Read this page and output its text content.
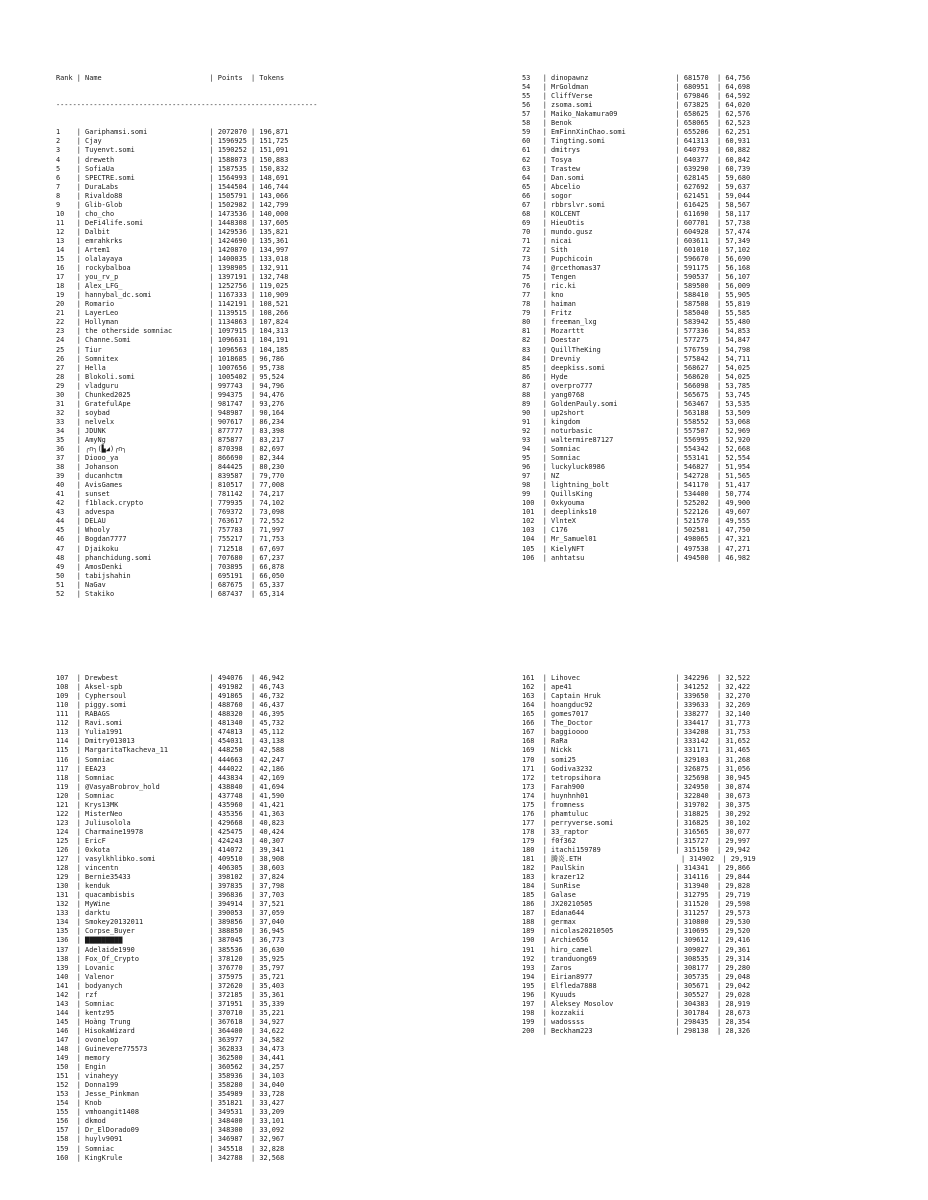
Rank | Name                          | Points  | Tokens

---------------------------------------------------------------

1    | Gariphamsi.somi               | 2072070 | 196,871
2    | Cjay                          | 1596925 | 151,725
3    | Tuyenvt.somi                  | 1590252 | 151,091
4    | dreweth                       | 1588073 | 150,883
5    | SofiaUa                       | 1587535 | 150,832
6    | SPECTRE.somi                  | 1564993 | 148,691
7    | DuraLabs                      | 1544504 | 146,744
8    | Rivaldo88                     | 1505791 | 143,066
9    | Glib-Glob                     | 1502982 | 142,799
10   | cho_cho                       | 1473536 | 140,000
11   | DeFi4life.somi                | 1448308 | 137,605
12   | Dalbit                        | 1429536 | 135,821
13   | emrahkrks                     | 1424690 | 135,361
14   | Artem1                        | 1420870 | 134,997
15   | olalayaya                     | 1400035 | 133,018
16   | rockybalboa                   | 1398905 | 132,911
17   | you_rv_p                      | 1397191 | 132,748
18   | Alex_LFG_                     | 1252756 | 119,025
19   | hannybal_dc.somi              | 1167333 | 110,909
20   | Romario                       | 1142191 | 108,521
21   | LayerLeo                      | 1139515 | 108,266
22   | Hollyman                      | 1134863 | 107,824
23   | the otherside somniac         | 1097915 | 104,313
24   | Channe.Somi                   | 1096631 | 104,191
25   | Tiur                          | 1096563 | 104,185
26   | Somnitex                      | 1018685 | 96,786
27   | Hella                         | 1007656 | 95,738
28   | Blokoli.somi                  | 1005402 | 95,524
29   | vladguru                      | 997743  | 94,796
30   | Chunked2025                   | 994375  | 94,476
31   | GratefulApe                   | 981747  | 93,276
32   | soybad                        | 948987  | 90,164
33   | nelvelx                       | 907617  | 86,234
34   | JDUNK                         | 877777  | 83,398
35   | AmyNg                         | 875877  | 83,217
36   | ╭∩╮(▙◢)╭∩╮                    | 870398  | 82,697
37   | Diooo_ya                      | 866690  | 82,344
38   | Johanson                      | 844425  | 80,230
39   | ducanhctm                     | 839587  | 79,770
40   | AvisGames                     | 810517  | 77,008
41   | sunset                        | 781142  | 74,217
42   | f1black.crypto                | 779935  | 74,102
43   | advespa                       | 769372  | 73,098
44   | DELAU                         | 763617  | 72,552
45   | Whooly                        | 757783  | 71,997
46   | Bogdan7777                    | 755217  | 71,753
47   | Djaikoku                      | 712518  | 67,697
48   | phanchidung.somi              | 707680  | 67,237
49   | AmosDenki                     | 703895  | 66,878
50   | tabijshahin                   | 695191  | 66,050
51   | NaGav                         | 687675  | 65,337
52   | Stakiko                       | 687437  | 65,314

53   | dinopawnz                     | 681570  | 64,756
54   | MrGoldman                     | 680951  | 64,698
55   | CliffVerse                    | 679846  | 64,592
56   | zsoma.somi                    | 673825  | 64,020
57   | Maiko_Nakamura09              | 658625  | 62,576
58   | Benok                         | 658065  | 62,523
59   | EmFinnXinChao.somi            | 655206  | 62,251
60   | Tingting.somi                 | 641313  | 60,931
61   | dmitrys                       | 640793  | 60,882
62   | Tosya                         | 640377  | 60,842
63   | Trastew                       | 639290  | 60,739
64   | Dan.somi                      | 628145  | 59,680
65   | Abcelio                       | 627692  | 59,637
66   | sogor                         | 621451  | 59,044
67   | rbbrslvr.somi                 | 616425  | 58,567
68   | KOLCENT                       | 611690  | 58,117
69   | HieuOtis                      | 607701  | 57,738
70   | mundo.gusz                    | 604928  | 57,474
71   | nicai                         | 603611  | 57,349
72   | Sith                          | 601010  | 57,102
73   | Pupchicoin                    | 596670  | 56,690
74   | @rcethomas37                  | 591175  | 56,168
75   | Tengen                        | 590537  | 56,107
76   | ric.ki                        | 589500  | 56,009
77   | kno                           | 588410  | 55,905
78   | haiman                        | 587508  | 55,819
79   | Fritz                         | 585040  | 55,585
80   | freeman_lxg                   | 583942  | 55,480
81   | Mozarttt                      | 577336  | 54,853
82   | Doestar                       | 577275  | 54,847
83   | QuillTheKing                  | 576759  | 54,798
84   | Drevniy                       | 575842  | 54,711
85   | deepkiss.somi                 | 568627  | 54,025
86   | Hyde                          | 568620  | 54,025
87   | overpro777                    | 566098  | 53,785
88   | yang0768                      | 565675  | 53,745
89   | GoldenPauly.somi              | 563467  | 53,535
90   | up2short                      | 563188  | 53,509
91   | kingdom                       | 558552  | 53,068
92   | noturbasic                    | 557507  | 52,969
93   | waltermire87127               | 556995  | 52,920
94   | Somniac                       | 554342  | 52,668
95   | Somniac                       | 553141  | 52,554
96   | luckyluck0986                 | 546827  | 51,954
97   | NZ                            | 542728  | 51,565
98   | lightning_bolt                | 541170  | 51,417
99   | QuillsKing                    | 534400  | 50,774
100  | 0xkyouma                      | 525202  | 49,900
101  | deeplinks10                   | 522126  | 49,607
102  | VlnteX                        | 521570  | 49,555
103  | C176                          | 502581  | 47,750
104  | Mr_Samuel01                   | 498065  | 47,321
105  | KielyNFT                      | 497538  | 47,271
106  | anhtatsu                      | 494500  | 46,982

107  | Drewbest                      | 494076  | 46,942
108  | Aksel-spb                     | 491982  | 46,743
109  | Cyphersoul                    | 491865  | 46,732
110  | piggy.somi                    | 488760  | 46,437
111  | RABAGS                        | 488320  | 46,395
112  | Ravi.somi                     | 481340  | 45,732
113  | Yulia1991                     | 474813  | 45,112
114  | Dmitry013013                  | 454031  | 43,138
115  | MargaritaTkacheva_11          | 448250  | 42,588
116  | Somniac                       | 444663  | 42,247
117  | EEA23                         | 444022  | 42,186
118  | Somniac                       | 443834  | 42,169
119  | @VasyaBrobrov_hold            | 438840  | 41,694
120  | Somniac                       | 437748  | 41,590
121  | Krys13MK                      | 435960  | 41,421
122  | MisterNeo                     | 435356  | 41,363
123  | Juliusolola                   | 429668  | 40,823
124  | Charmaine19978                | 425475  | 40,424
125  | EricF                         | 424243  | 40,307
126  | 0xkota                        | 414072  | 39,341
127  | vasylkhlibko.somi             | 409510  | 38,908
128  | vincentn                      | 406305  | 38,603
129  | Bernie35433                   | 398102  | 37,824
130  | kenduk                        | 397835  | 37,798
131  | quacambisbis                  | 396836  | 37,703
132  | MyWine                        | 394914  | 37,521
133  | darktu                        | 390053  | 37,059
134  | Smokey20132011                | 389856  | 37,040
135  | Corpse_Buyer                  | 388850  | 36,945
136  | ▇▇▇▇▇▇▇▇▇                     | 387045  | 36,773
137  | Adelaide1990                  | 385536  | 36,630
138  | Fox_Of_Crypto                 | 378120  | 35,925
139  | Lovanic                       | 376770  | 35,797
140  | Valenor                       | 375975  | 35,721
141  | bodyanych                     | 372620  | 35,403
142  | rzf                           | 372185  | 35,361
143  | Somniac                       | 371951  | 35,339
144  | kentz95                       | 370710  | 35,221
145  | Hoàng Trung                   | 367618  | 34,927
146  | HisokaWizard                  | 364400  | 34,622
147  | ovonelop                      | 363977  | 34,582
148  | Guinevere775573               | 362833  | 34,473
149  | memory                        | 362500  | 34,441
150  | Engin                         | 360562  | 34,257
151  | vinaheyy                      | 358936  | 34,103
152  | Donna199                      | 358280  | 34,040
153  | Jesse_Pinkman                 | 354989  | 33,728
154  | Knob                          | 351821  | 33,427
155  | vmhoangit1408                 | 349531  | 33,209
156  | dkmod                         | 348400  | 33,101
157  | Dr_ElDorado09                 | 348300  | 33,092
158  | huylv9091                     | 346987  | 32,967
159  | Somniac                       | 345518  | 32,828
160  | KingKrule                     | 342788  | 32,568

161  | Lihovec                       | 342296  | 32,522
162  | ape41                         | 341252  | 32,422
163  | Captain Hruk                  | 339650  | 32,270
164  | hoangduc92                    | 339633  | 32,269
165  | gomes7017                     | 338277  | 32,140
166  | The_Doctor                    | 334417  | 31,773
167  | baggioooo                     | 334208  | 31,753
168  | RaRa                          | 333142  | 31,652
169  | Nickk                         | 331171  | 31,465
170  | somi25                        | 329103  | 31,268
171  | Godiva3232                    | 326875  | 31,056
172  | tetropsihora                  | 325698  | 30,945
173  | Farah900                      | 324950  | 30,874
174  | huynhnh01                     | 322840  | 30,673
175  | fromness                      | 319702  | 30,375
176  | phamtuluc                     | 318825  | 30,292
177  | perryverse.somi               | 316825  | 30,102
178  | 33_raptor                     | 316565  | 30,077
179  | f0f362                        | 315727  | 29,997
180  | itachi159789                  | 315150  | 29,942
181  | 腾炎.ETH                        | 314902  | 29,919
182  | PaulSkin                      | 314341  | 29,866
183  | krazer12                      | 314116  | 29,844
184  | SunRise                       | 313940  | 29,828
185  | Galase                        | 312795  | 29,719
186  | JX20210505                    | 311520  | 29,598
187  | Edana644                      | 311257  | 29,573
188  | germax                        | 310800  | 29,530
189  | nicolas20210505               | 310695  | 29,520
190  | Archie656                     | 309612  | 29,416
191  | hiro_camel                    | 309027  | 29,361
192  | tranduong69                   | 308535  | 29,314
193  | Zaros                         | 308177  | 29,280
194  | Eirian8977                    | 305735  | 29,048
195  | Elfleda7888                   | 305671  | 29,042
196  | Kyuuds                        | 305527  | 29,028
197  | Aleksey Mosolov               | 304383  | 28,919
198  | kozzakii                      | 301784  | 28,673
199  | wadossss                      | 298435  | 28,354
200  | Beckham223                    | 298138  | 28,326
